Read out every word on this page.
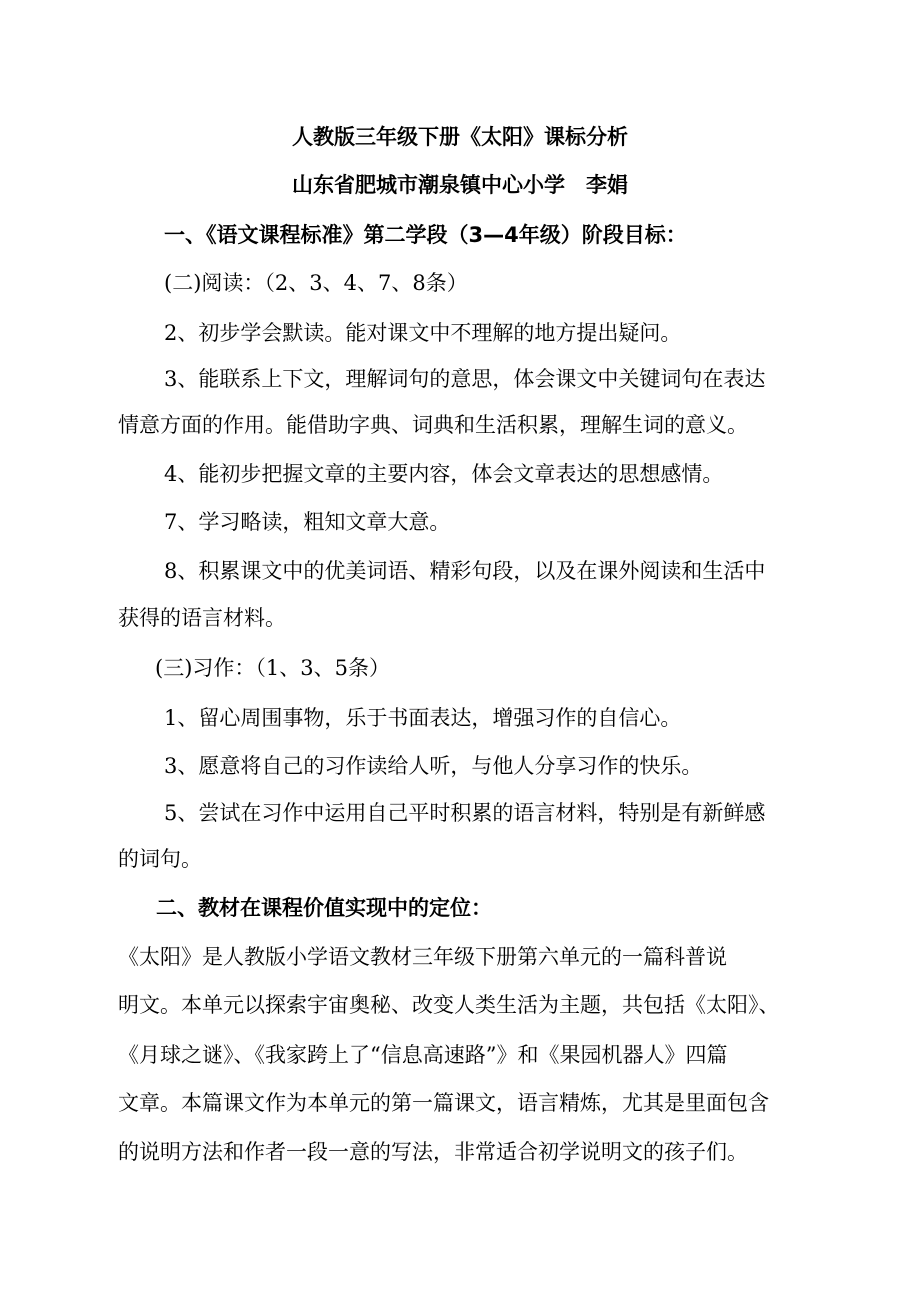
人教版三年级下册《太阳》课标分析
山东省肥城市潮泉镇中心小学　李娟
一、《语文课程标准》第二学段（3—4年级）阶段目标：
(二)阅读：（2、3、4、7、8条）
2、初步学会默读。能对课文中不理解的地方提出疑问。
3、能联系上下文，理解词句的意思，体会课文中关键词句在表达
情意方面的作用。能借助字典、词典和生活积累，理解生词的意义。
4、能初步把握文章的主要内容，体会文章表达的思想感情。
7、学习略读，粗知文章大意。
8、积累课文中的优美词语、精彩句段，以及在课外阅读和生活中
获得的语言材料。
(三)习作：（1、3、5条）
1、留心周围事物，乐于书面表达，增强习作的自信心。
3、愿意将自己的习作读给人听，与他人分享习作的快乐。
5、尝试在习作中运用自己平时积累的语言材料，特别是有新鲜感
的词句。
二、教材在课程价值实现中的定位：
《太阳》是人教版小学语文教材三年级下册第六单元的一篇科普说
明文。本单元以探索宇宙奥秘、改变人类生活为主题，共包括《太阳》、
《月球之谜》、《我家跨上了“信息高速路”》和《果园机器人》四篇
文章。本篇课文作为本单元的第一篇课文，语言精炼，尤其是里面包含
的说明方法和作者一段一意的写法，非常适合初学说明文的孩子们。
